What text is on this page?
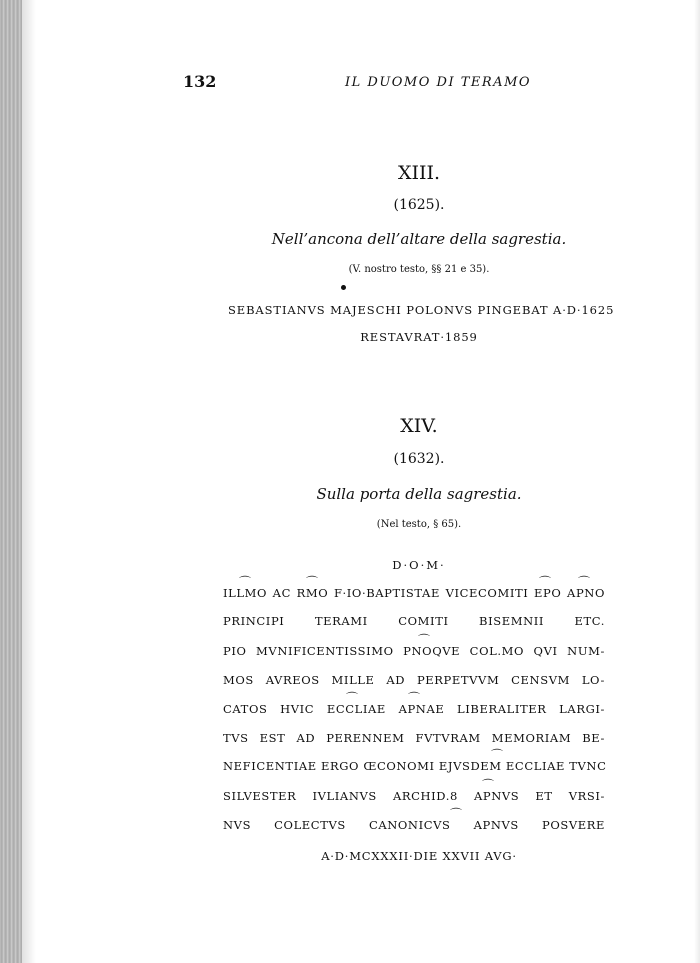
132	IL DUOMO DI TERAMO
XIII.
(1625).
Nell’ancona dell’altare della sagrestia.
(V. nostro testo, §§ 21 e 35).
SEBASTIANVS MAJESCHI POLONVS PINGEBAT A·D·1625
RESTAVRAT·1859
XIV.
(1632).
Sulla porta della sagrestia.
(Nel testo, § 65).
D·O·M·
ILLMO AC RMO F·IO·BAPTISTAE VICECOMITI EPO APNO
PRINCIPI TERAMI COMITI BISEMNII ETC.
PIO MVNIFICENTISSIMO PNOQVE COL.MO QVI NUM-
MOS AVREOS MILLE AD PERPETVVM CENSVM LO-
CATOS HVIC ECCLIAE APNAE LIBERALITER LARGI-
TVS EST AD PERENNEM FVTVRAM MEMORIAM BE-
NEFICENTIAE ERGO ŒCONOMI EJVSDEM ECCLIAE TVNC
SILVESTER IVLIANVS ARCHID.8 APNVS ET VRSI-
NVS COLECTVS CANONICVS APNVS POSVERE
A·D·MCXXXII·DIE XXVII AVG·
⌒	⌒	⌒ ⌒
⌒
⌒	⌒
⌒
⌒
⌒
